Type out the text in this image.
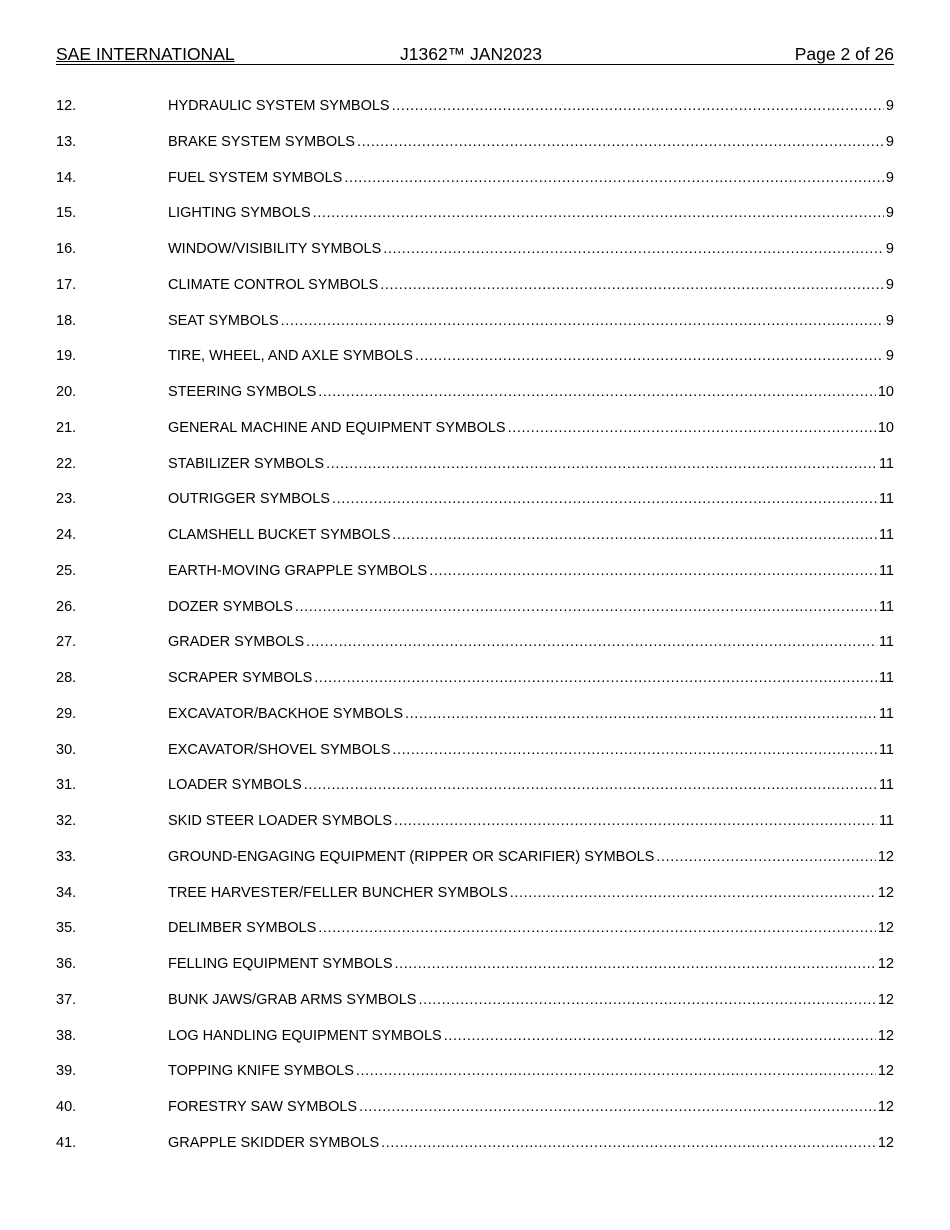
SAE INTERNATIONAL	J1362™ JAN2023	Page 2 of 26
12.	HYDRAULIC SYSTEM SYMBOLS .....	9
13.	BRAKE SYSTEM SYMBOLS .....	9
14.	FUEL SYSTEM SYMBOLS .....	9
15.	LIGHTING SYMBOLS .....	9
16.	WINDOW/VISIBILITY SYMBOLS .....	9
17.	CLIMATE CONTROL SYMBOLS .....	9
18.	SEAT SYMBOLS .....	9
19.	TIRE, WHEEL, AND AXLE SYMBOLS .....	9
20.	STEERING SYMBOLS .....	10
21.	GENERAL MACHINE AND EQUIPMENT SYMBOLS .....	10
22.	STABILIZER SYMBOLS .....	11
23.	OUTRIGGER SYMBOLS .....	11
24.	CLAMSHELL BUCKET SYMBOLS .....	11
25.	EARTH-MOVING GRAPPLE SYMBOLS .....	11
26.	DOZER SYMBOLS .....	11
27.	GRADER SYMBOLS .....	11
28.	SCRAPER SYMBOLS .....	11
29.	EXCAVATOR/BACKHOE SYMBOLS .....	11
30.	EXCAVATOR/SHOVEL SYMBOLS .....	11
31.	LOADER SYMBOLS .....	11
32.	SKID STEER LOADER SYMBOLS .....	11
33.	GROUND-ENGAGING EQUIPMENT (RIPPER OR SCARIFIER) SYMBOLS .....	12
34.	TREE HARVESTER/FELLER BUNCHER SYMBOLS .....	12
35.	DELIMBER SYMBOLS .....	12
36.	FELLING EQUIPMENT SYMBOLS .....	12
37.	BUNK JAWS/GRAB ARMS SYMBOLS .....	12
38.	LOG HANDLING EQUIPMENT SYMBOLS .....	12
39.	TOPPING KNIFE SYMBOLS .....	12
40.	FORESTRY SAW SYMBOLS .....	12
41.	GRAPPLE SKIDDER SYMBOLS .....	12
